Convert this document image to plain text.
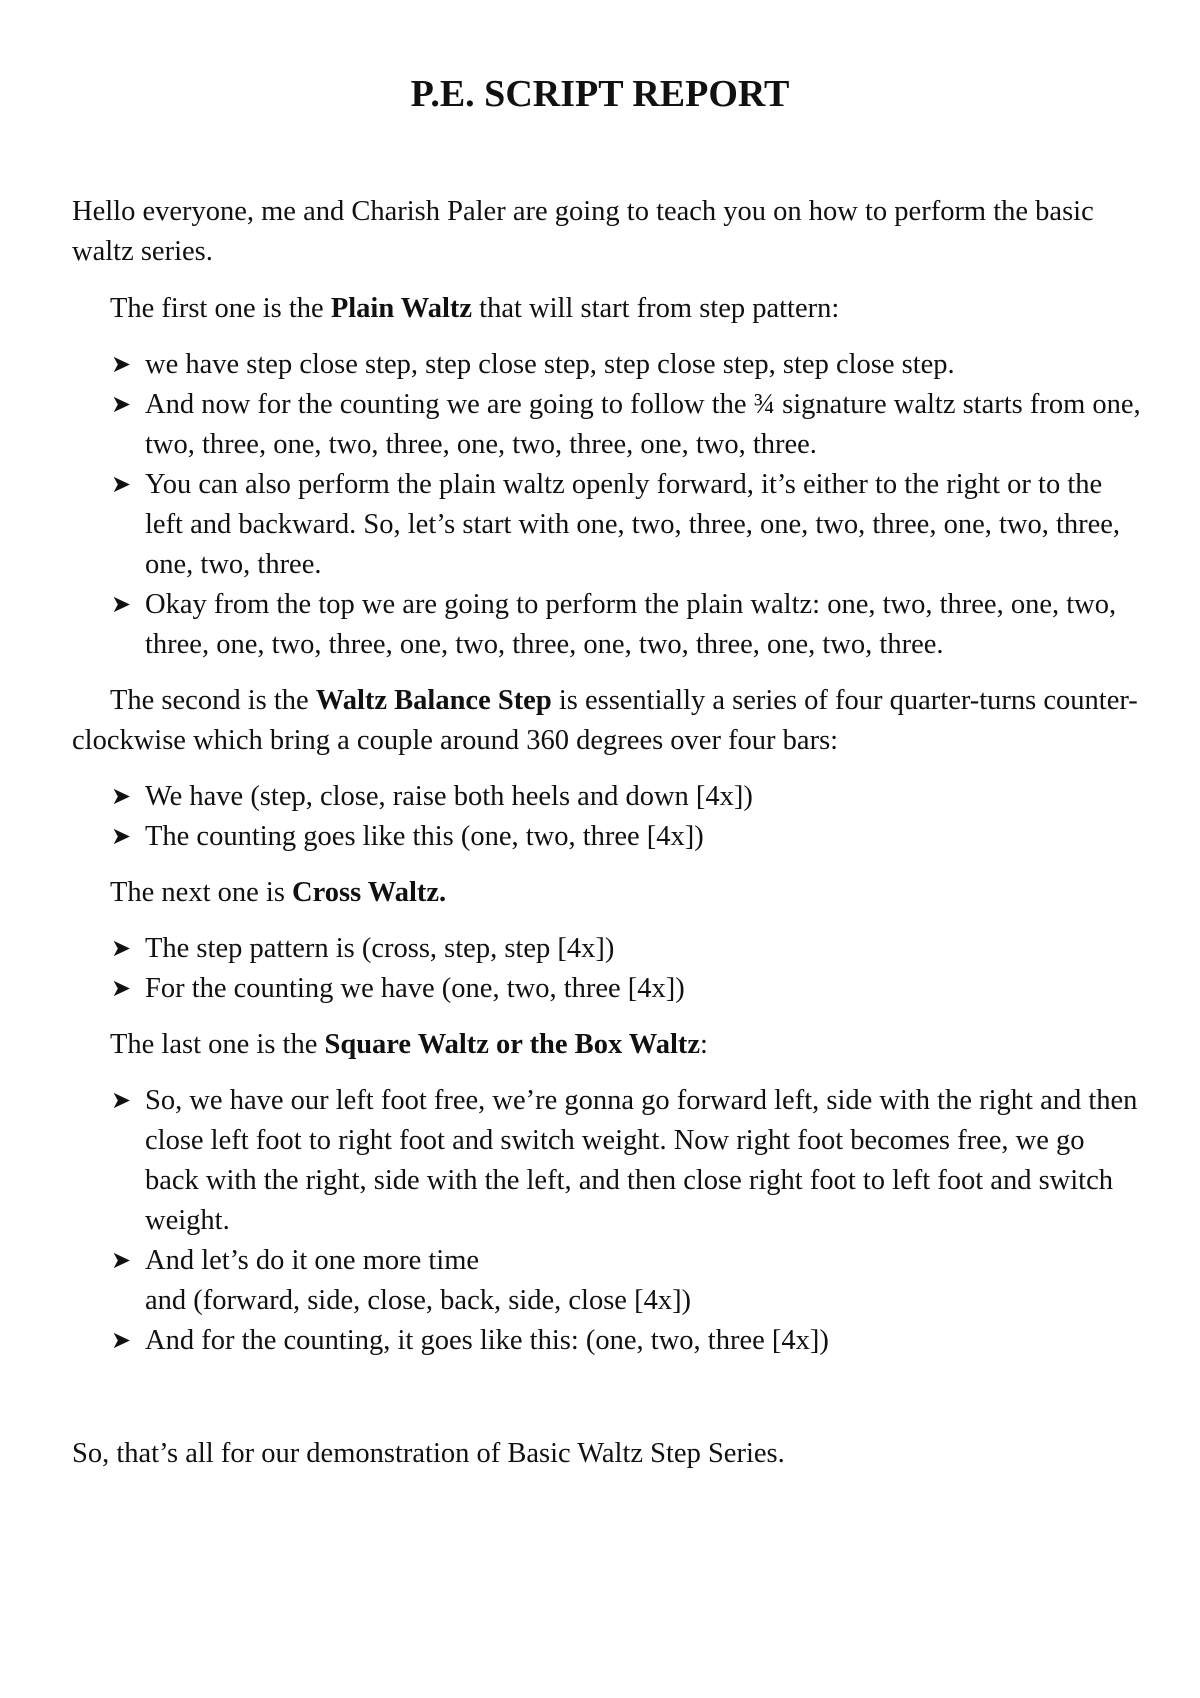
P.E. SCRIPT REPORT

Hello everyone, me and Charish Paler are going to teach you on how to perform the basic waltz series.

The first one is the Plain Waltz that will start from step pattern:

➤ we have step close step, step close step, step close step, step close step.
➤ And now for the counting we are going to follow the ¾ signature waltz starts from one, two, three, one, two, three, one, two, three, one, two, three.
➤ You can also perform the plain waltz openly forward, it’s either to the right or to the left and backward. So, let’s start with one, two, three, one, two, three, one, two, three, one, two, three.
➤ Okay from the top we are going to perform the plain waltz: one, two, three, one, two, three, one, two, three, one, two, three, one, two, three, one, two, three.

The second is the Waltz Balance Step is essentially a series of four quarter-turns counter-clockwise which bring a couple around 360 degrees over four bars:

➤ We have (step, close, raise both heels and down [4x])
➤ The counting goes like this (one, two, three [4x])

The next one is Cross Waltz.

➤ The step pattern is (cross, step, step [4x])
➤ For the counting we have (one, two, three [4x])

The last one is the Square Waltz or the Box Waltz:

➤ So, we have our left foot free, we’re gonna go forward left, side with the right and then close left foot to right foot and switch weight. Now right foot becomes free, we go back with the right, side with the left, and then close right foot to left foot and switch weight.
➤ And let’s do it one more time
and (forward, side, close, back, side, close [4x])
➤ And for the counting, it goes like this: (one, two, three [4x])

So, that’s all for our demonstration of Basic Waltz Step Series.
